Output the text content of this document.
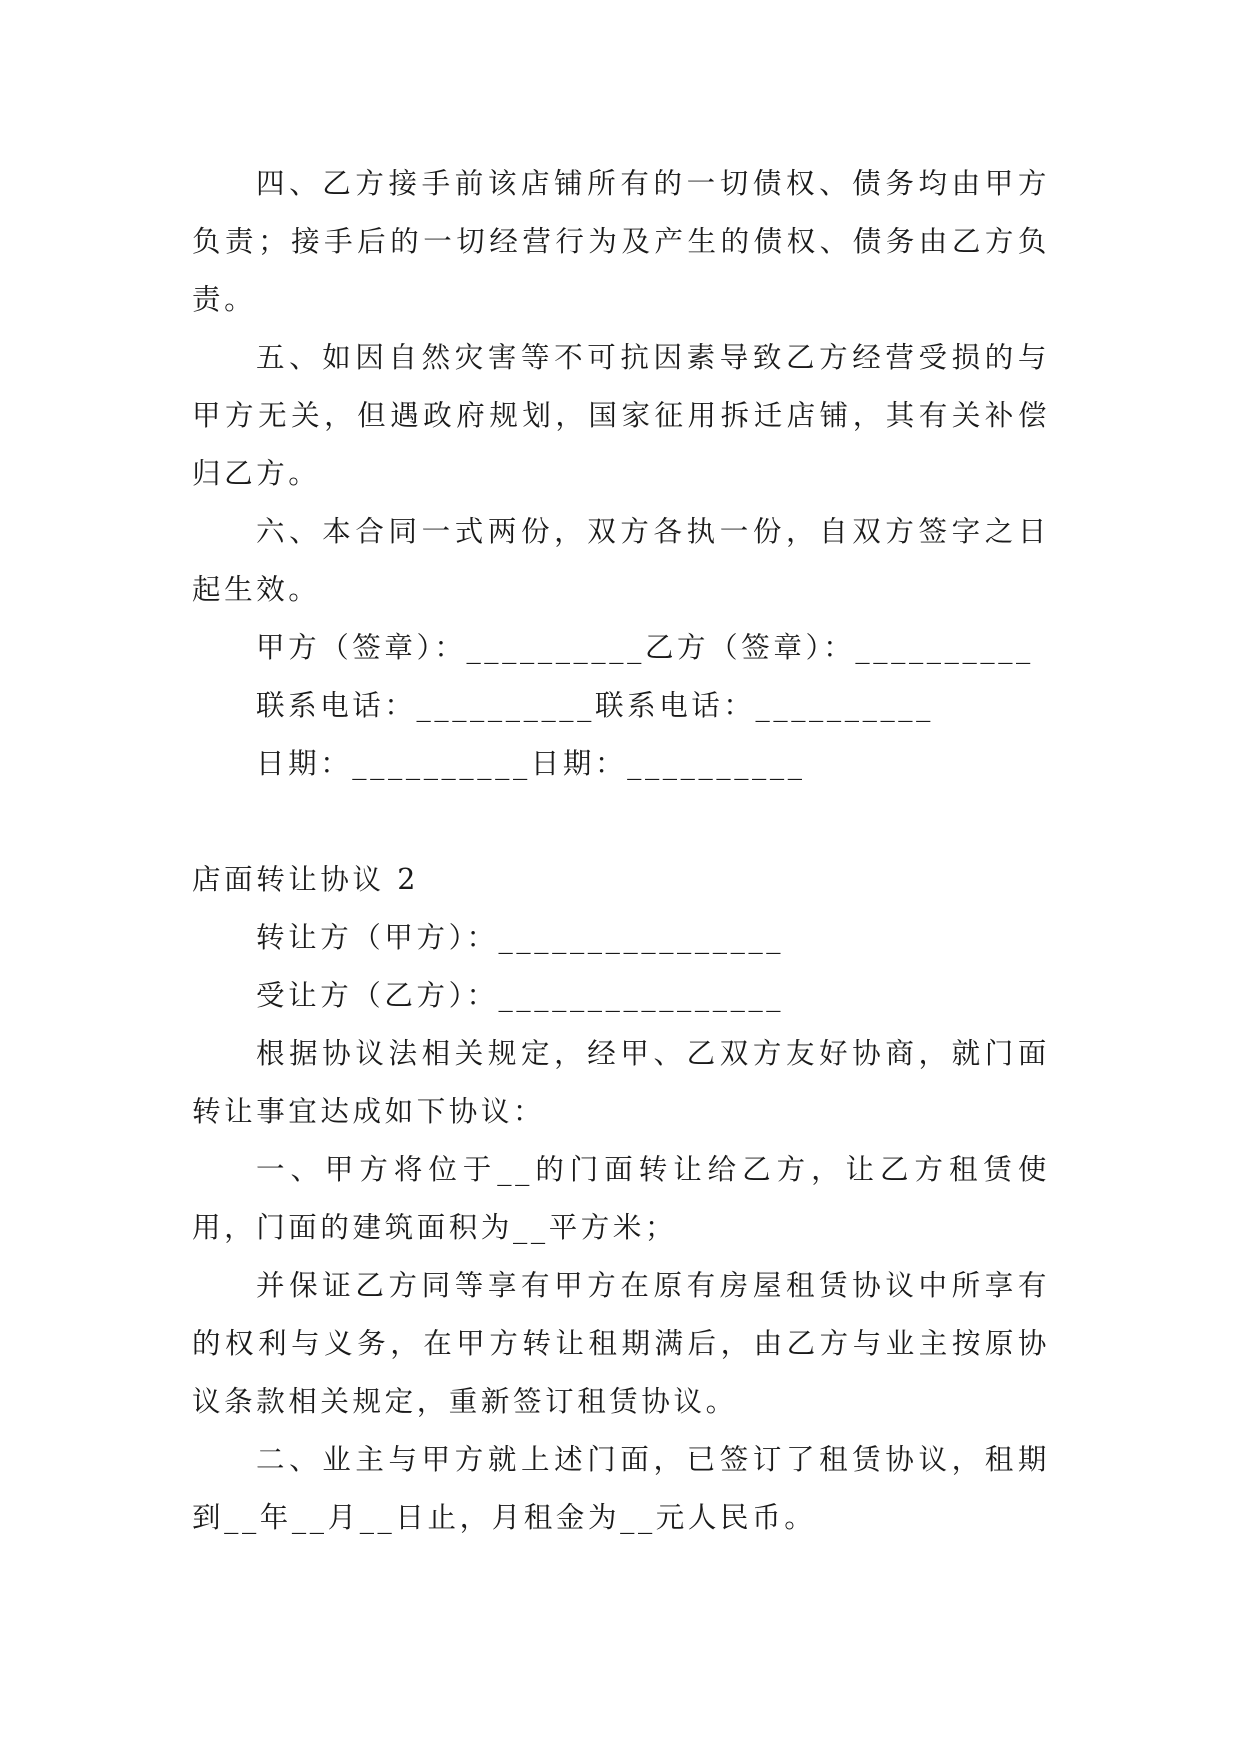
四、乙方接手前该店铺所有的一切债权、债务均由甲方负责；接手后的一切经营行为及产生的债权、债务由乙方负责。

五、如因自然灾害等不可抗因素导致乙方经营受损的与甲方无关，但遇政府规划，国家征用拆迁店铺，其有关补偿归乙方。

六、本合同一式两份，双方各执一份，自双方签字之日起生效。

甲方（签章）：__________乙方（签章）：__________

联系电话：__________联系电话：__________

日期：__________日期：__________

店面转让协议 2

转让方（甲方）：________________

受让方（乙方）：________________

根据协议法相关规定，经甲、乙双方友好协商，就门面转让事宜达成如下协议：

一、甲方将位于__的门面转让给乙方，让乙方租赁使用，门面的建筑面积为__平方米；

并保证乙方同等享有甲方在原有房屋租赁协议中所享有的权利与义务，在甲方转让租期满后，由乙方与业主按原协议条款相关规定，重新签订租赁协议。

二、业主与甲方就上述门面，已签订了租赁协议，租期到__年__月__日止，月租金为__元人民币。
